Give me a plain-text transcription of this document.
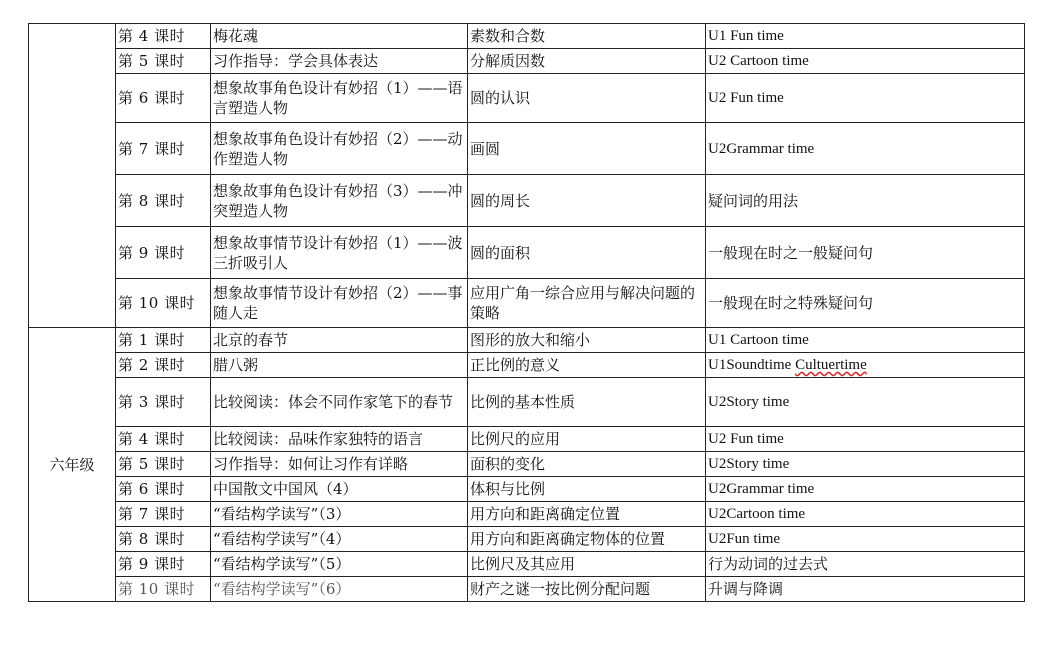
	第 4 课时	梅花魂	素数和合数	U1 Fun time
	第 5 课时	习作指导：学会具体表达	分解质因数	U2 Cartoon time
	第 6 课时	想象故事角色设计有妙招（1）——语言塑造人物	圆的认识	U2 Fun time
	第 7 课时	想象故事角色设计有妙招（2）——动作塑造人物	画圆	U2Grammar time
	第 8 课时	想象故事角色设计有妙招（3）——冲突塑造人物	圆的周长	疑问词的用法
	第 9 课时	想象故事情节设计有妙招（1）——波三折吸引人	圆的面积	一般现在时之一般疑问句
	第 10 课时	想象故事情节设计有妙招（2）——事随人走	应用广角一综合应用与解决问题的策略	一般现在时之特殊疑问句
六年级	第 1 课时	北京的春节	图形的放大和缩小	U1 Cartoon time
	第 2 课时	腊八粥	正比例的意义	U1Soundtime Cultuertime
	第 3 课时	比较阅读：体会不同作家笔下的春节	比例的基本性质	U2Story time
	第 4 课时	比较阅读：品味作家独特的语言	比例尺的应用	U2 Fun time
	第 5 课时	习作指导：如何让习作有详略	面积的变化	U2Story time
	第 6 课时	中国散文中国风（4）	体积与比例	U2Grammar time
	第 7 课时	“看结构学读写”（3）	用方向和距离确定位置	U2Cartoon time
	第 8 课时	“看结构学读写”（4）	用方向和距离确定物体的位置	U2Fun time
	第 9 课时	“看结构学读写”（5）	比例尺及其应用	行为动词的过去式
	第 10 课时	“看结构学读写”（6）	财产之谜一按比例分配问题	升调与降调
